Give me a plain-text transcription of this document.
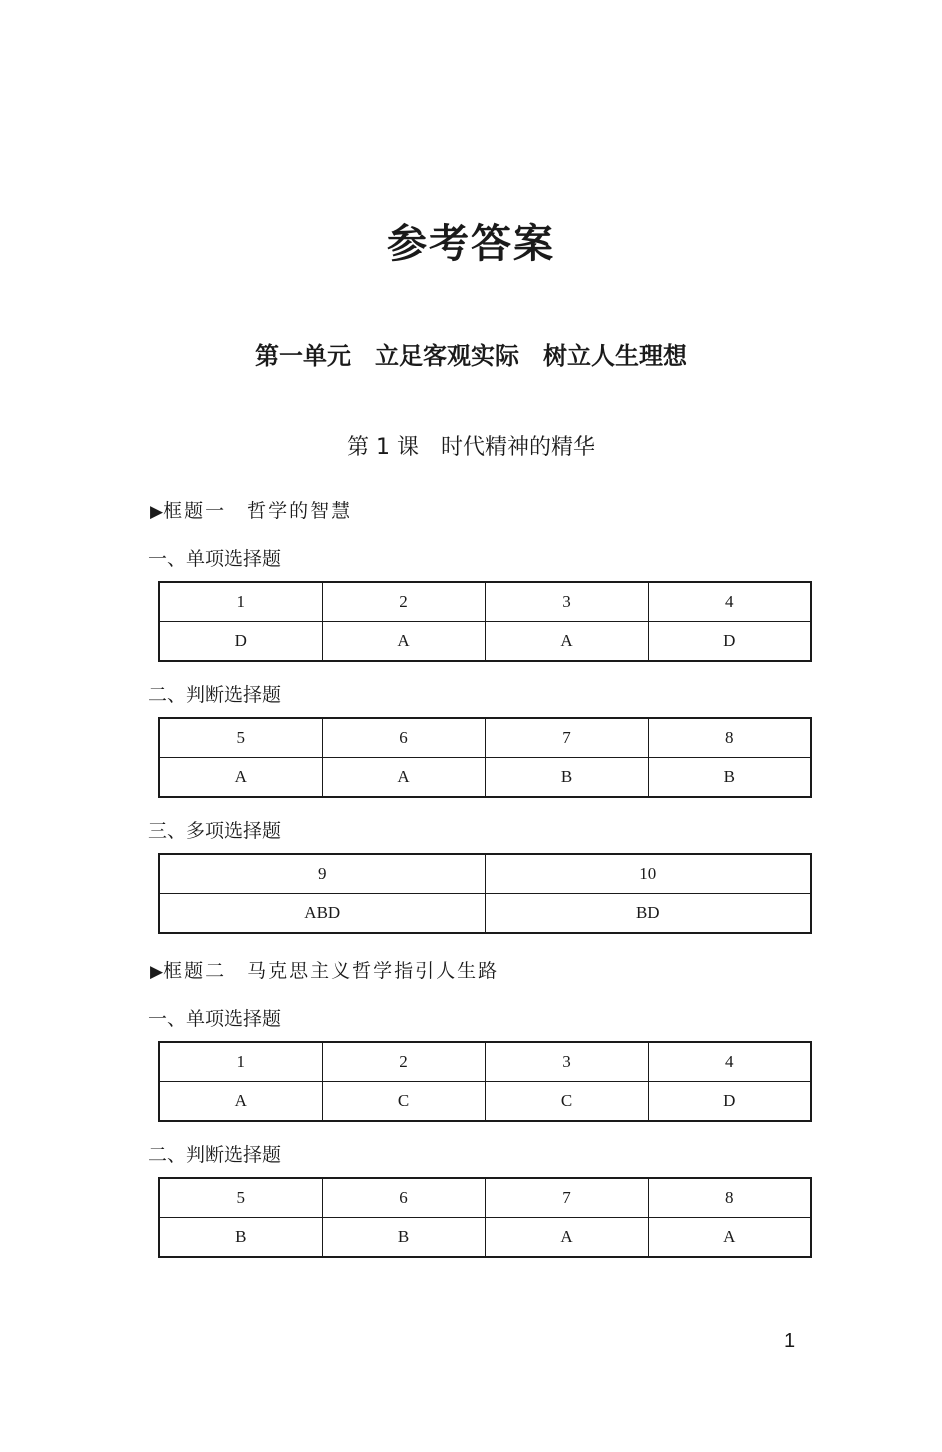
参考答案
第一单元　立足客观实际　树立人生理想
第 1 课　时代精神的精华
▶框题一　哲学的智慧
一、单项选择题
1	2	3	4
D	A	A	D
二、判断选择题
5	6	7	8
A	A	B	B
三、多项选择题
9	10
ABD	BD
▶框题二　马克思主义哲学指引人生路
一、单项选择题
1	2	3	4
A	C	C	D
二、判断选择题
5	6	7	8
B	B	A	A
1
